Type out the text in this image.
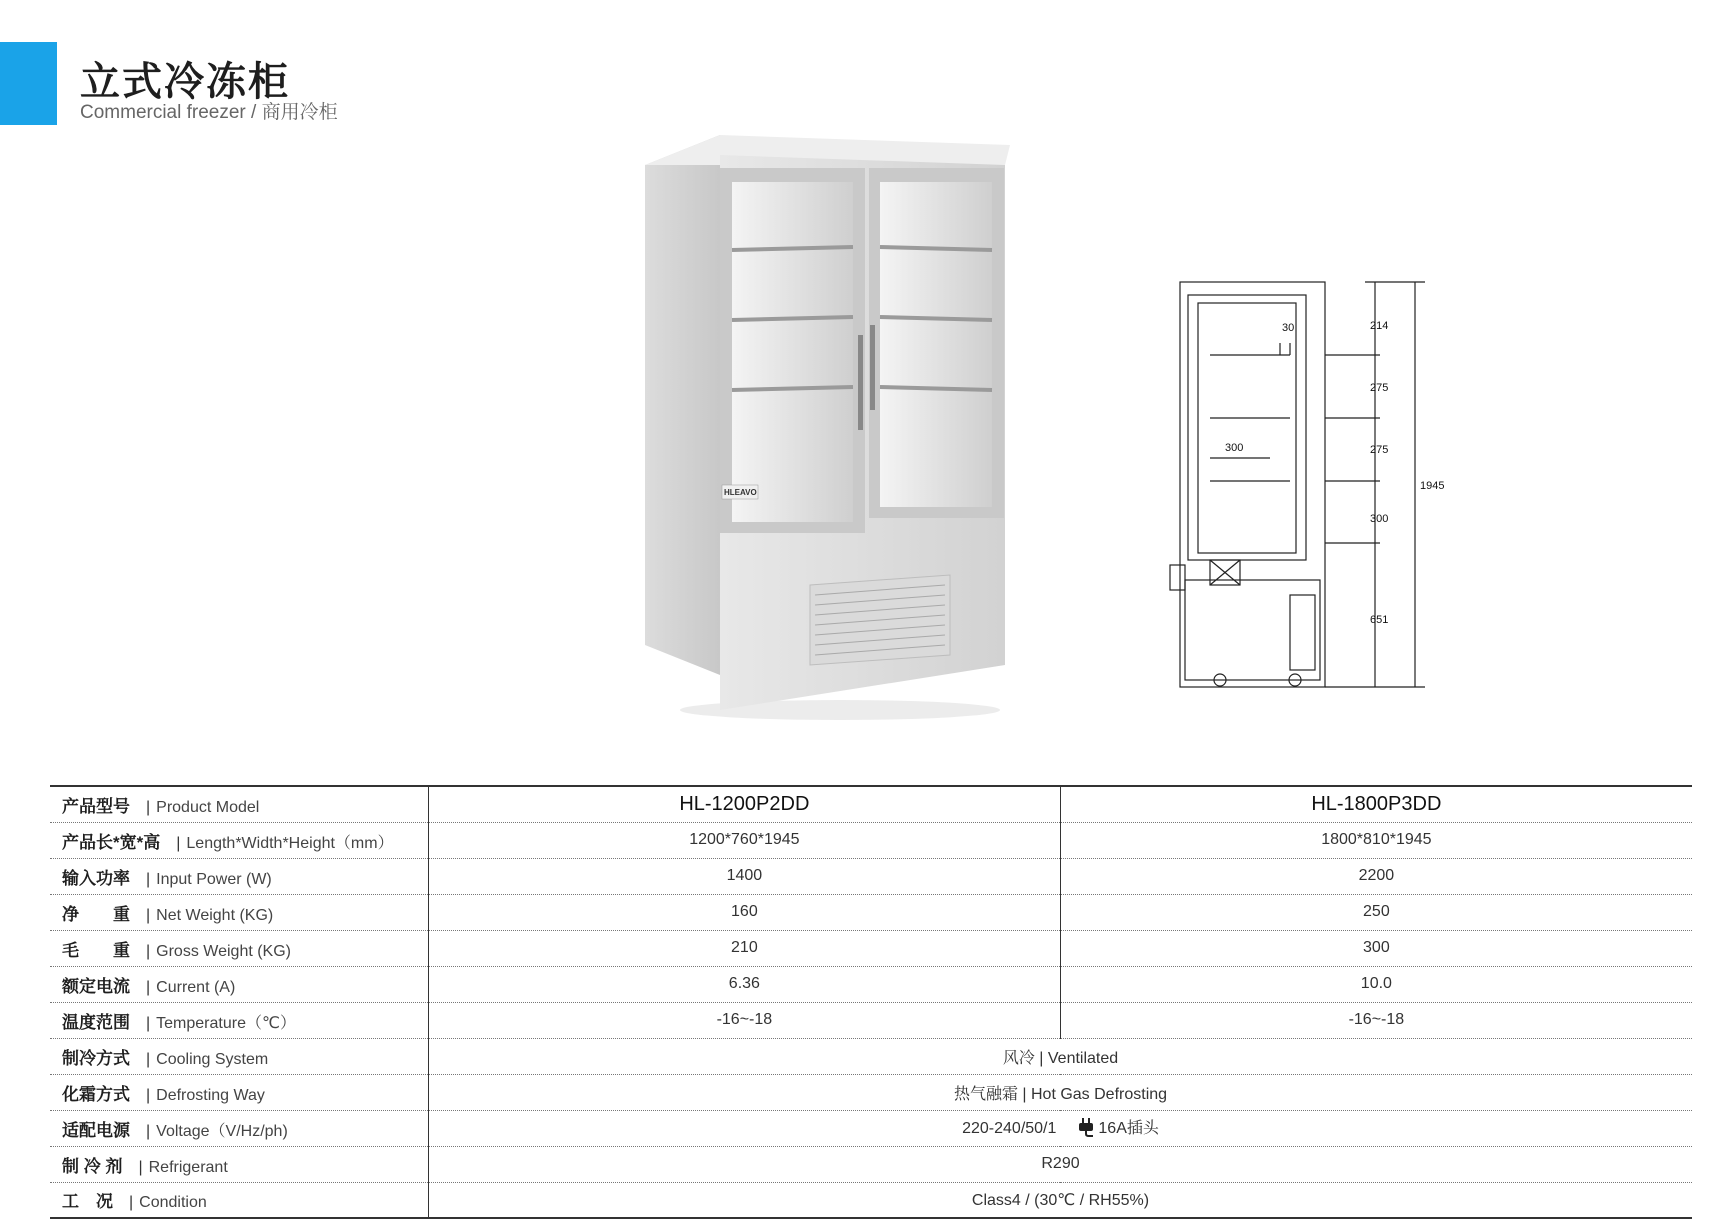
立式冷冻柜
Commercial freezer / 商用冷柜
HLEAVO
30	214
275
300	275
1945
300
651
产品型号 | Product Model	HL-1200P2DD	HL-1800P3DD
产品长*宽*高 | Length*Width*Height（mm）	1200*760*1945	1800*810*1945
输入功率 | Input Power (W)	1400	2200
净　　重 | Net Weight (KG)	160	250
毛　　重 | Gross Weight (KG)	210	300
额定电流 | Current (A)	6.36	10.0
温度范围 | Temperature（℃）	-16~-18	-16~-18
制冷方式 | Cooling System	风冷 | Ventilated	
化霜方式 | Defrosting Way	热气融霜 | Hot Gas Defrosting	
适配电源 | Voltage（V/Hz/ph)	220-240/50/1 16A插头	
制 冷 剂 | Refrigerant	R290	
工　况 | Condition	Class4 / (30℃ / RH55%)	
